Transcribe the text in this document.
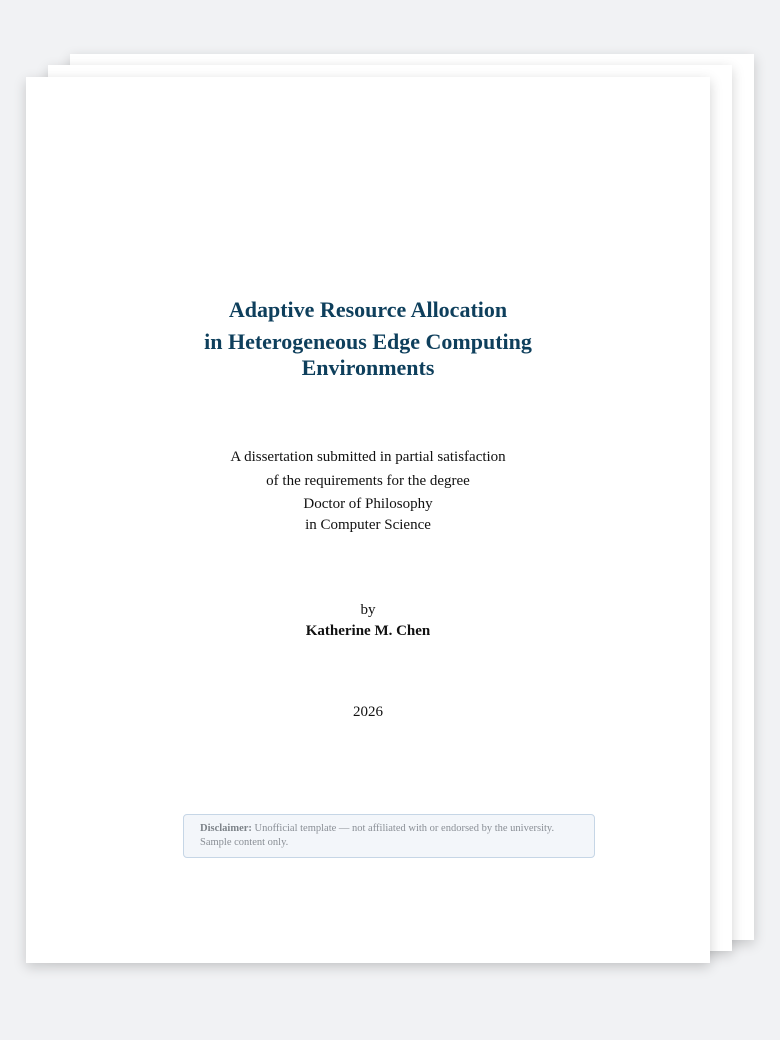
Adaptive Resource Allocation
in Heterogeneous Edge Computing
Environments
A dissertation submitted in partial satisfaction
of the requirements for the degree
Doctor of Philosophy
in Computer Science
by
Katherine M. Chen
2026
Disclaimer: Unofficial template — not affiliated with or endorsed by the university. Sample content only.
